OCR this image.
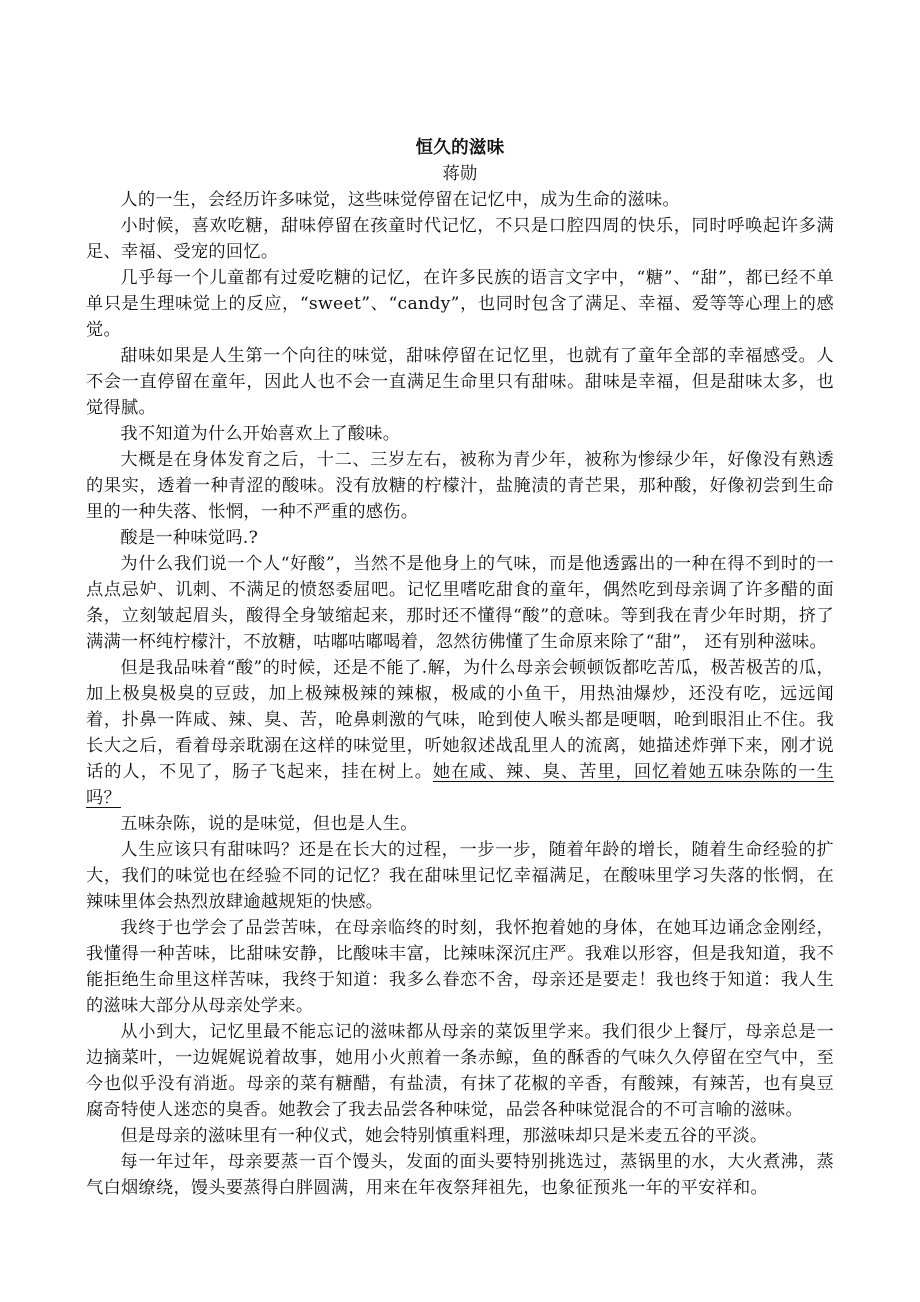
恒久的滋味

蒋勋

人的一生，会经历许多味觉，这些味觉停留在记忆中，成为生命的滋味。

小时候，喜欢吃糖，甜味停留在孩童时代记忆，不只是口腔四周的快乐，同时呼唤起许多满足、幸福、受宠的回忆。

几乎每一个儿童都有过爱吃糖的记忆，在许多民族的语言文字中，“糖”、“甜”，都已经不单单只是生理味觉上的反应，“sweet”、“candy”，也同时包含了满足、幸福、爱等等心理上的感觉。

甜味如果是人生第一个向往的味觉，甜味停留在记忆里，也就有了童年全部的幸福感受。人不会一直停留在童年，因此人也不会一直满足生命里只有甜味。甜味是幸福，但是甜味太多，也觉得腻。

我不知道为什么开始喜欢上了酸味。

大概是在身体发育之后，十二、三岁左右，被称为青少年，被称为惨绿少年，好像没有熟透的果实，透着一种青涩的酸味。没有放糖的柠檬汁，盐腌渍的青芒果，那种酸，好像初尝到生命里的一种失落、怅惘，一种不严重的感伤。

酸是一种味觉吗.?

为什么我们说一个人“好酸”，当然不是他身上的气味，而是他透露出的一种在得不到时的一点点忌妒、讥刺、不满足的愤怒委屈吧。记忆里嗜吃甜食的童年，偶然吃到母亲调了许多醋的面条，立刻皱起眉头，酸得全身皱缩起来，那时还不懂得“酸”的意味。等到我在青少年时期，挤了满满一杯纯柠檬汁，不放糖，咕嘟咕嘟喝着，忽然彷佛懂了生命原来除了“甜”， 还有别种滋味。

但是我品味着“酸”的时候，还是不能了.解，为什么母亲会顿顿饭都吃苦瓜，极苦极苦的瓜，加上极臭极臭的豆豉，加上极辣极辣的辣椒，极咸的小鱼干，用热油爆炒，还没有吃，远远闻着，扑鼻一阵咸、辣、臭、苦，呛鼻刺激的气味，呛到使人喉头都是哽咽，呛到眼泪止不住。我长大之后，看着母亲耽溺在这样的味觉里，听她叙述战乱里人的流离，她描述炸弹下来，刚才说话的人，不见了，肠子飞起来，挂在树上。她在咸、辣、臭、苦里，回忆着她五味杂陈的一生吗？

五味杂陈，说的是味觉，但也是人生。

人生应该只有甜味吗？还是在长大的过程，一步一步，随着年龄的增长，随着生命经验的扩大，我们的味觉也在经验不同的记忆？我在甜味里记忆幸福满足，在酸味里学习失落的怅惘，在辣味里体会热烈放肆逾越规矩的快感。

我终于也学会了品尝苦味，在母亲临终的时刻，我怀抱着她的身体，在她耳边诵念金刚经，我懂得一种苦味，比甜味安静，比酸味丰富，比辣味深沉庄严。我难以形容，但是我知道，我不能拒绝生命里这样苦味，我终于知道：我多么眷恋不舍，母亲还是要走！我也终于知道：我人生的滋味大部分从母亲处学来。

从小到大，记忆里最不能忘记的滋味都从母亲的菜饭里学来。我们很少上餐厅，母亲总是一边摘菜叶，一边娓娓说着故事，她用小火煎着一条赤鲸，鱼的酥香的气味久久停留在空气中，至今也似乎没有消逝。母亲的菜有糖醋，有盐渍，有抹了花椒的辛香，有酸辣，有辣苦，也有臭豆腐奇特使人迷恋的臭香。她教会了我去品尝各种味觉，品尝各种味觉混合的不可言喻的滋味。

但是母亲的滋味里有一种仪式，她会特别慎重料理，那滋味却只是米麦五谷的平淡。

每一年过年，母亲要蒸一百个馒头，发面的面头要特别挑选过，蒸锅里的水，大火煮沸，蒸气白烟缭绕，馒头要蒸得白胖圆满，用来在年夜祭拜祖先，也象征预兆一年的平安祥和。
